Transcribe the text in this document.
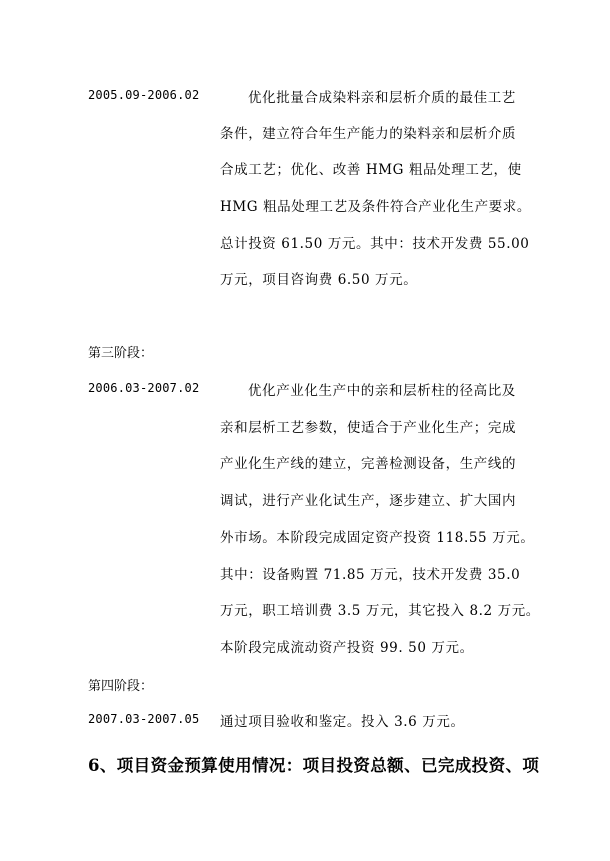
2005.09-2006.02	优化批量合成染料亲和层析介质的最佳工艺
条件，建立符合年生产能力的染料亲和层析介质
合成工艺；优化、改善 HMG 粗品处理工艺，使
HMG 粗品处理工艺及条件符合产业化生产要求。
总计投资 61.50 万元。其中：技术开发费 55.00
万元，项目咨询费 6.50 万元。
第三阶段：
2006.03-2007.02	优化产业化生产中的亲和层析柱的径高比及
亲和层析工艺参数，使适合于产业化生产；完成
产业化生产线的建立，完善检测设备，生产线的
调试，进行产业化试生产，逐步建立、扩大国内
外市场。本阶段完成固定资产投资 118.55 万元。
其中：设备购置 71.85 万元，技术开发费 35.0
万元，职工培训费 3.5 万元，其它投入 8.2 万元。
本阶段完成流动资产投资 99. 50 万元。
第四阶段：
2007.03-2007.05 通过项目验收和鉴定。投入 3.6 万元。
6、项目资金预算使用情况：项目投资总额、已完成投资、项
